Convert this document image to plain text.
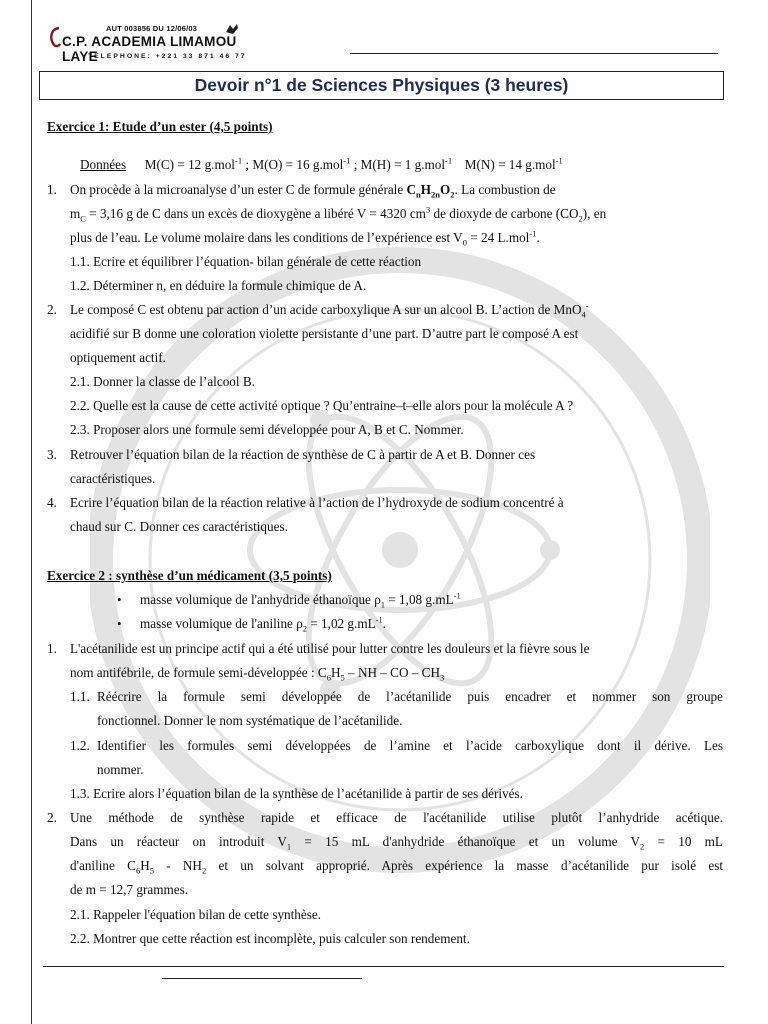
AUT 003856 DU 12/06/03
C.P. ACADEMIA LIMAMOU LAYE
TELEPHONE: +221 33 871 46 77
Devoir n°1 de Sciences Physiques (3 heures)
Exercice 1: Etude d’un ester (4,5 points)
Données M(C) = 12 g.mol$^{-1}$ ; M(O) = 16 g.mol$^{-1}$ ; M(H) = 1 g.mol$^{-1}$ M(N) = 14 g.mol$^{-1}$
1. On procède à la microanalyse d’un ester C de formule générale $C_nH_{2n}O_2$. La combustion de
$m_C = 3,16$ g de C dans un excès de dioxygène a libéré V = 4320 $cm^3$ de dioxyde de carbone $(CO_2)$, en
plus de l’eau. Le volume molaire dans les conditions de l’expérience est $V_0 = 24$ L.mol$^{-1}$.
1.1. Ecrire et équilibrer l’équation- bilan générale de cette réaction
1.2. Déterminer n, en déduire la formule chimique de A.
2. Le composé C est obtenu par action d’un acide carboxylique A sur un alcool B. L’action de MnO$_4$-
acidifié sur B donne une coloration violette persistante d’une part. D’autre part le composé A est
optiquement actif.
2.1. Donner la classe de l’alcool B.
2.2. Quelle est la cause de cette activité optique ? Qu’entraine–t–elle alors pour la molécule A ?
2.3. Proposer alors une formule semi développée pour A, B et C. Nommer.
3. Retrouver l’équation bilan de la réaction de synthèse de C à partir de A et B. Donner ces
caractéristiques.
4. Ecrire l’équation bilan de la réaction relative à l’action de l’hydroxyde de sodium concentré à
chaud sur C. Donner ces caractéristiques.
Exercice 2 : synthèse d’un médicament (3,5 points)
• masse volumique de l'anhydride éthanoïque $\rho_1 = 1,08$ $g.mL^{-1}$
• masse volumique de l'aniline $\rho_2 = 1,02$ $g.mL^{-1}$.
1. L'acétanilide est un principe actif qui a été utilisé pour lutter contre les douleurs et la fièvre sous le
nom antifébrile, de formule semi-développée : $C_6H_5$ – NH – CO – $CH_3$
1.1. Réécrire la formule semi développée de l’acétanilide puis encadrer et nommer son groupe
fonctionnel. Donner le nom systématique de l’acétanilide.
1.2. Identifier les formules semi développées de l’amine et l’acide carboxylique dont il dérive. Les
nommer.
1.3. Ecrire alors l’équation bilan de la synthèse de l’acétanilide à partir de ses dérivés.
2. Une méthode de synthèse rapide et efficace de l'acétanilide utilise plutôt l’anhydride acétique.
Dans un réacteur on introduit $V_1 = 15$ mL d'anhydride éthanoïque et un volume $V_2 = 10$ mL
d'aniline $C_6H_5 - NH_2$ et un solvant approprié. Après expérience la masse d’acétanilide pur isolé est
de m = 12,7 grammes.
2.1. Rappeler l'équation bilan de cette synthèse.
2.2. Montrer que cette réaction est incomplète, puis calculer son rendement.
